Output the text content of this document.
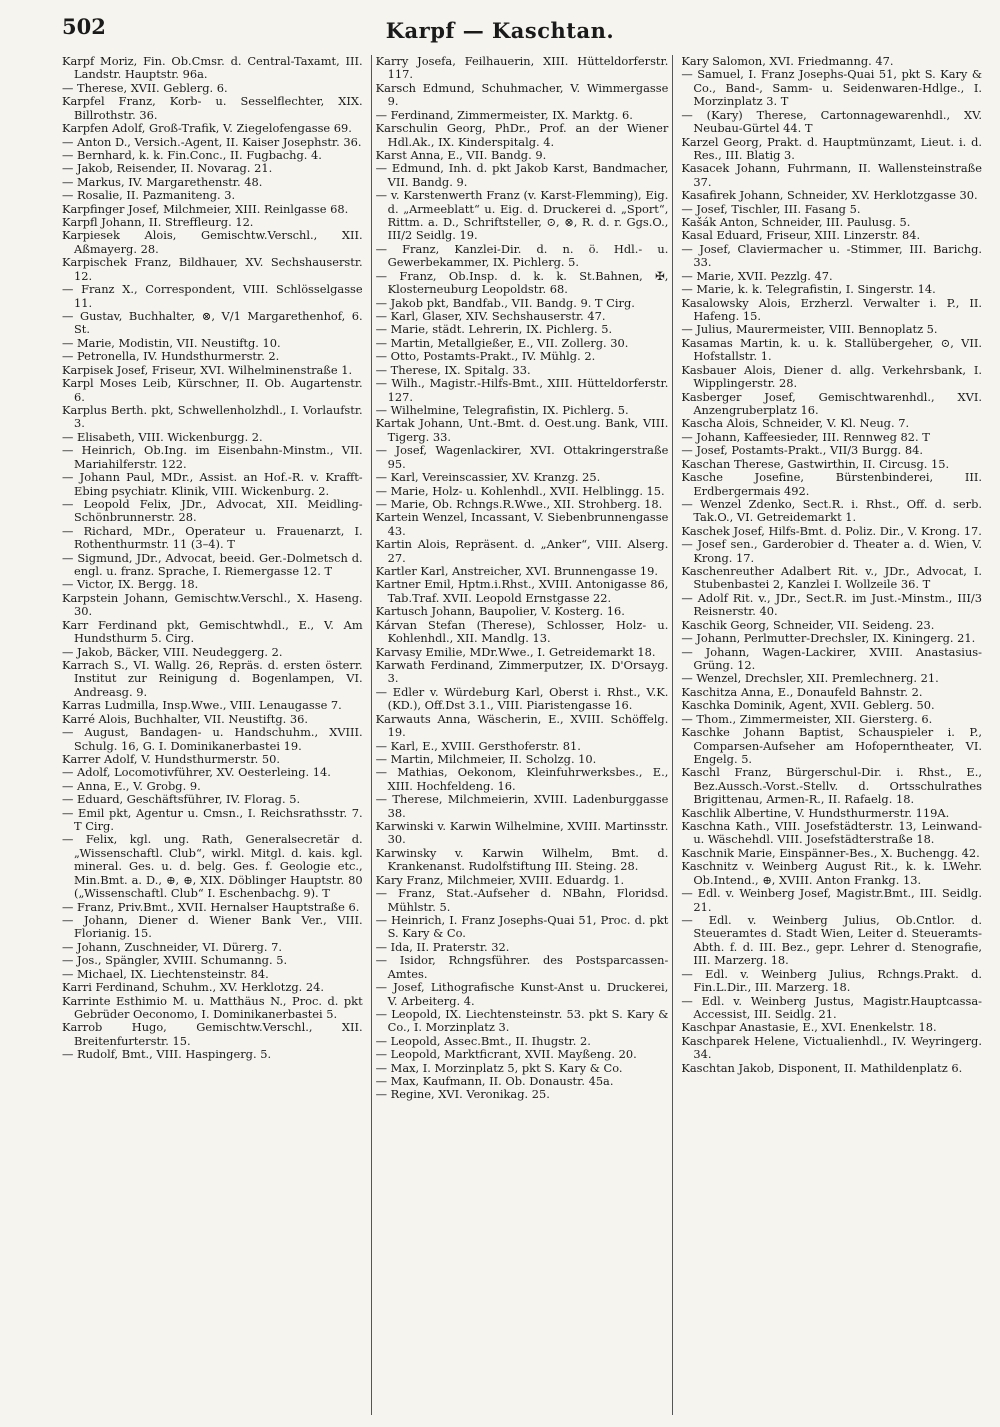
502	Karpf — Kaschtan.

Karpf Moriz, Fin. Ob.Cmsr. d. Central-Taxamt, III. Landstr. Hauptstr. 96a.

— Therese, XVII. Geblerg. 6.

Karpfel Franz, Korb- u. Sesselflechter, XIX. Billrothstr. 36.

Karpfen Adolf, Groß-Trafik, V. Ziegelofengasse 69.

— Anton D., Versich.-Agent, II. Kaiser Josephstr. 36.

— Bernhard, k. k. Fin.Conc., II. Fugbachg. 4.

— Jakob, Reisender, II. Novarag. 21.

— Markus, IV. Margarethenstr. 48.

— Rosalie, II. Pazmaniteng. 3.

Karpfinger Josef, Milchmeier, XIII. Reinlgasse 68.

Karpfl Johann, II. Streffleurg. 12.

Karpiesek Alois, Gemischtw.Verschl., XII. Aßmayerg. 28.

Karpischek Franz, Bildhauer, XV. Sechshauserstr. 12.

— Franz X., Correspondent, VIII. Schlösselgasse 11.

— Gustav, Buchhalter, ⊗, V/1 Margarethenhof, 6. St.

— Marie, Modistin, VII. Neustiftg. 10.

— Petronella, IV. Hundsthurmerstr. 2.

Karpisek Josef, Friseur, XVI. Wilhelminenstraße 1.

Karpl Moses Leib, Kürschner, II. Ob. Augartenstr. 6.

Karplus Berth. pkt, Schwellenholzhdl., I. Vorlaufstr. 3.

— Elisabeth, VIII. Wickenburgg. 2.

— Heinrich, Ob.Ing. im Eisenbahn-Minstm., VII. Mariahilferstr. 122.

— Johann Paul, MDr., Assist. an Hof.-R. v. Krafft-Ebing psychiatr. Klinik, VIII. Wickenburg. 2.

— Leopold Felix, JDr., Advocat, XII. Meidling-Schönbrunnerstr. 28.

— Richard, MDr., Operateur u. Frauenarzt, I. Rothenthurmstr. 11 (3–4). T

— Sigmund, JDr., Advocat, beeid. Ger.-Dolmetsch d. engl. u. franz. Sprache, I. Riemergasse 12. T

— Victor, IX. Bergg. 18.

Karpstein Johann, Gemischtw.Verschl., X. Haseng. 30.

Karr Ferdinand pkt, Gemischtwhdl., E., V. Am Hundsthurm 5. Cirg.

— Jakob, Bäcker, VIII. Neudeggerg. 2.

Karrach S., VI. Wallg. 26, Repräs. d. ersten österr. Institut zur Reinigung d. Bogenlampen, VI. Andreasg. 9.

Karras Ludmilla, Insp.Wwe., VIII. Lenaugasse 7.

Karré Alois, Buchhalter, VII. Neustiftg. 36.

— August, Bandagen- u. Handschuhm., XVIII. Schulg. 16, G. I. Dominikanerbastei 19.

Karrer Adolf, V. Hundsthurmerstr. 50.

— Adolf, Locomotivführer, XV. Oesterleing. 14.

— Anna, E., V. Grobg. 9.

— Eduard, Geschäftsführer, IV. Florag. 5.

— Emil pkt, Agentur u. Cmsn., I. Reichsrathsstr. 7. T Cirg.

— Felix, kgl. ung. Rath, Generalsecretär d. „Wissenschaftl. Club“, wirkl. Mitgl. d. kais. kgl. mineral. Ges. u. d. belg. Ges. f. Geologie etc., Min.Bmt. a. D., ⊕, ⊕, XIX. Döblinger Hauptstr. 80 („Wissenschaftl. Club“ I. Eschenbachg. 9). T

— Franz, Priv.Bmt., XVII. Hernalser Hauptstraße 6.

— Johann, Diener d. Wiener Bank Ver., VIII. Florianig. 15.

— Johann, Zuschneider, VI. Dürerg. 7.

— Jos., Spängler, XVIII. Schumanng. 5.

— Michael, IX. Liechtensteinstr. 84.

Karri Ferdinand, Schuhm., XV. Herklotzg. 24.

Karrinte Esthimio M. u. Matthäus N., Proc. d. pkt Gebrüder Oeconomo, I. Dominikanerbastei 5.

Karrob Hugo, Gemischtw.Verschl., XII. Breitenfurterstr. 15.

— Rudolf, Bmt., VIII. Haspingerg. 5.

Karry Josefa, Feilhauerin, XIII. Hütteldorferstr. 117.

Karsch Edmund, Schuhmacher, V. Wimmergasse 9.

— Ferdinand, Zimmermeister, IX. Marktg. 6.

Karschulin Georg, PhDr., Prof. an der Wiener Hdl.Ak., IX. Kinderspitalg. 4.

Karst Anna, E., VII. Bandg. 9.

— Edmund, Inh. d. pkt Jakob Karst, Bandmacher, VII. Bandg. 9.

— v. Karstenwerth Franz (v. Karst-Flemming), Eig. d. „Armeeblatt“ u. Eig. d. Druckerei d. „Sport“, Rittm. a. D., Schriftsteller, ⊙, ⊗, R. d. r. Ggs.O., III/2 Seidlg. 19.

— Franz, Kanzlei-Dir. d. n. ö. Hdl.- u. Gewerbekammer, IX. Pichlerg. 5.

— Franz, Ob.Insp. d. k. k. St.Bahnen, ✠, Klosterneuburg Leopoldstr. 68.

— Jakob pkt, Bandfab., VII. Bandg. 9. T Cirg.

— Karl, Glaser, XIV. Sechshauserstr. 47.

— Marie, städt. Lehrerin, IX. Pichlerg. 5.

— Martin, Metallgießer, E., VII. Zollerg. 30.

— Otto, Postamts-Prakt., IV. Mühlg. 2.

— Therese, IX. Spitalg. 33.

— Wilh., Magistr.-Hilfs-Bmt., XIII. Hütteldorferstr. 127.

— Wilhelmine, Telegrafistin, IX. Pichlerg. 5.

Kartak Johann, Unt.-Bmt. d. Oest.ung. Bank, VIII. Tigerg. 33.

— Josef, Wagenlackirer, XVI. Ottakringerstraße 95.

— Karl, Vereinscassier, XV. Kranzg. 25.

— Marie, Holz- u. Kohlenhdl., XVII. Helblingg. 15.

— Marie, Ob. Rchngs.R.Wwe., XII. Strohberg. 18.

Kartein Wenzel, Incassant, V. Siebenbrunnengasse 43.

Kartin Alois, Repräsent. d. „Anker“, VIII. Alserg. 27.

Kartler Karl, Anstreicher, XVI. Brunnengasse 19.

Kartner Emil, Hptm.i.Rhst., XVIII. Antonigasse 86, Tab.Traf. XVII. Leopold Ernstgasse 22.

Kartusch Johann, Baupolier, V. Kosterg. 16.

Kárvan Stefan (Therese), Schlosser, Holz- u. Kohlenhdl., XII. Mandlg. 13.

Karvasy Emilie, MDr.Wwe., I. Getreidemarkt 18.

Karwath Ferdinand, Zimmerputzer, IX. D'Orsayg. 3.

— Edler v. Würdeburg Karl, Oberst i. Rhst., V.K. (KD.), Off.Dst 3.1., VIII. Piaristengasse 16.

Karwauts Anna, Wäscherin, E., XVIII. Schöffelg. 19.

— Karl, E., XVIII. Gersthoferstr. 81.

— Martin, Milchmeier, II. Scholzg. 10.

— Mathias, Oekonom, Kleinfuhrwerksbes., E., XIII. Hochfeldeng. 16.

— Therese, Milchmeierin, XVIII. Ladenburggasse 38.

Karwinski v. Karwin Wilhelmine, XVIII. Martinsstr. 30.

Karwinsky v. Karwin Wilhelm, Bmt. d. Krankenanst. Rudolfstiftung III. Steing. 28.

Kary Franz, Milchmeier, XVIII. Eduardg. 1.

— Franz, Stat.-Aufseher d. NBahn, Floridsd. Mühlstr. 5.

— Heinrich, I. Franz Josephs-Quai 51, Proc. d. pkt S. Kary & Co.

— Ida, II. Praterstr. 32.

— Isidor, Rchngsführer. des Postsparcassen-Amtes.

— Josef, Lithografische Kunst-Anst u. Druckerei, V. Arbeiterg. 4.

— Leopold, IX. Liechtensteinstr. 53. pkt S. Kary & Co., I. Morzinplatz 3.

— Leopold, Assec.Bmt., II. Ihugstr. 2.

— Leopold, Marktficrant, XVII. Mayßeng. 20.

— Max, I. Morzinplatz 5, pkt S. Kary & Co.

— Max, Kaufmann, II. Ob. Donaustr. 45a.

— Regine, XVI. Veronikag. 25.

Kary Salomon, XVI. Friedmanng. 47.

— Samuel, I. Franz Josephs-Quai 51, pkt S. Kary & Co., Band-, Samm- u. Seidenwaren-Hdlge., I. Morzinplatz 3. T

— (Kary) Therese, Cartonnagewarenhdl., XV. Neubau-Gürtel 44. T

Karzel Georg, Prakt. d. Hauptmünzamt, Lieut. i. d. Res., III. Blatig 3.

Kasacek Johann, Fuhrmann, II. Wallensteinstraße 37.

Kasafirek Johann, Schneider, XV. Herklotzgasse 30.

— Josef, Tischler, III. Fasang 5.

Kašák Anton, Schneider, III. Paulusg. 5.

Kasal Eduard, Friseur, XIII. Linzerstr. 84.

— Josef, Claviermacher u. -Stimmer, III. Barichg. 33.

— Marie, XVII. Pezzlg. 47.

— Marie, k. k. Telegrafistin, I. Singerstr. 14.

Kasalowsky Alois, Erzherzl. Verwalter i. P., II. Hafeng. 15.

— Julius, Maurermeister, VIII. Bennoplatz 5.

Kasamas Martin, k. u. k. Stallübergeher, ⊙, VII. Hofstallstr. 1.

Kasbauer Alois, Diener d. allg. Verkehrsbank, I. Wipplingerstr. 28.

Kasberger Josef, Gemischtwarenhdl., XVI. Anzengruberplatz 16.

Kascha Alois, Schneider, V. Kl. Neug. 7.

— Johann, Kaffeesieder, III. Rennweg 82. T

— Josef, Postamts-Prakt., VII/3 Burgg. 84.

Kaschan Therese, Gastwirthin, II. Circusg. 15.

Kasche Josefine, Bürstenbinderei, III. Erdbergermais 492.

— Wenzel Zdenko, Sect.R. i. Rhst., Off. d. serb. Tak.O., VI. Getreidemarkt 1.

Kaschek Josef, Hilfs-Bmt. d. Poliz. Dir., V. Krong. 17.

— Josef sen., Garderobier d. Theater a. d. Wien, V. Krong. 17.

Kaschenreuther Adalbert Rit. v., JDr., Advocat, I. Stubenbastei 2, Kanzlei I. Wollzeile 36. T

— Adolf Rit. v., JDr., Sect.R. im Just.-Minstm., III/3 Reisnerstr. 40.

Kaschik Georg, Schneider, VII. Seideng. 23.

— Johann, Perlmutter-Drechsler, IX. Kiningerg. 21.

— Johann, Wagen-Lackirer, XVIII. Anastasius-Grüng. 12.

— Wenzel, Drechsler, XII. Premlechnerg. 21.

Kaschitza Anna, E., Donaufeld Bahnstr. 2.

Kaschka Dominik, Agent, XVII. Geblerg. 50.

— Thom., Zimmermeister, XII. Giersterg. 6.

Kaschke Johann Baptist, Schauspieler i. P., Comparsen-Aufseher am Hofoperntheater, VI. Engelg. 5.

Kaschl Franz, Bürgerschul-Dir. i. Rhst., E., Bez.Aussch.-Vorst.-Stellv. d. Ortsschulrathes Brigittenau, Armen-R., II. Rafaelg. 18.

Kaschlik Albertine, V. Hundsthurmerstr. 119A.

Kaschna Kath., VIII. Josefstädterstr. 13, Leinwand- u. Wäschehdl. VIII. Josefstädterstraße 18.

Kaschnik Marie, Einspänner-Bes., X. Buchengg. 42.

Kaschnitz v. Weinberg August Rit., k. k. LWehr. Ob.Intend., ⊕, XVIII. Anton Frankg. 13.

— Edl. v. Weinberg Josef, Magistr.Bmt., III. Seidlg. 21.

— Edl. v. Weinberg Julius, Ob.Cntlor. d. Steueramtes d. Stadt Wien, Leiter d. Steueramts-Abth. f. d. III. Bez., gepr. Lehrer d. Stenografie, III. Marzerg. 18.

— Edl. v. Weinberg Julius, Rchngs.Prakt. d. Fin.L.Dir., III. Marzerg. 18.

— Edl. v. Weinberg Justus, Magistr.Hauptcassa-Accessist, III. Seidlg. 21.

Kaschpar Anastasie, E., XVI. Enenkelstr. 18.

Kaschparek Helene, Victualienhdl., IV. Weyringerg. 34.

Kaschtan Jakob, Disponent, II. Mathildenplatz 6.
